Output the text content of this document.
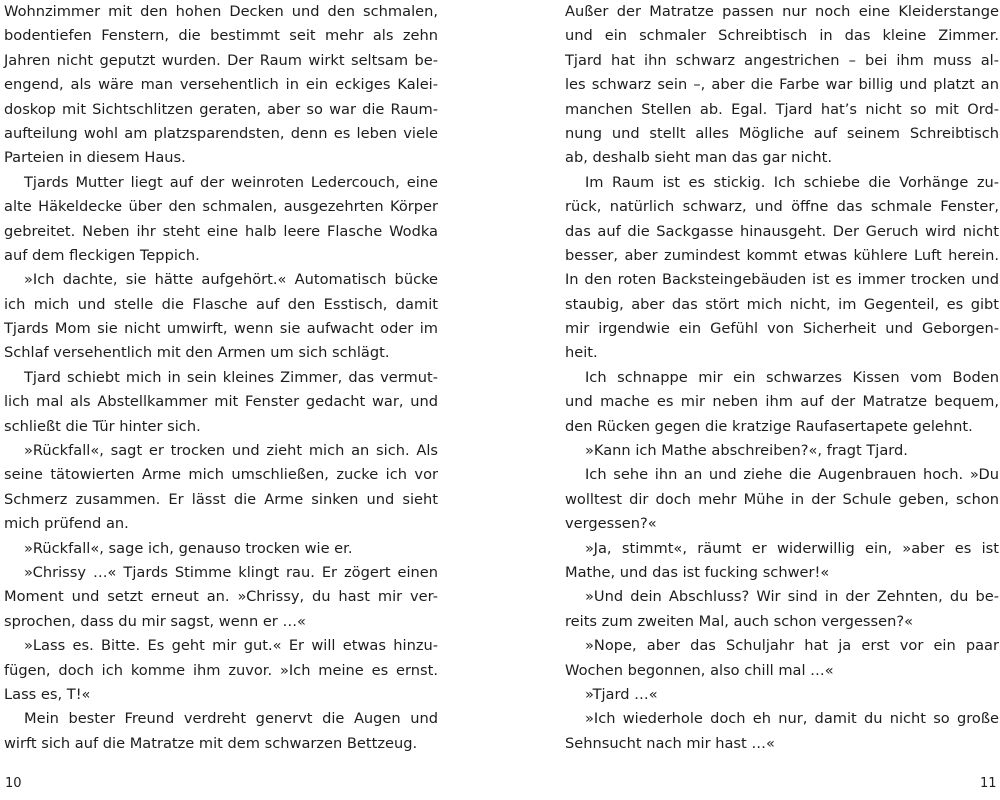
Wohnzimmer mit den hohen Decken und den schmalen,
bodentiefen Fenstern, die bestimmt seit mehr als zehn
Jahren nicht geputzt wurden. Der Raum wirkt seltsam be-
engend, als wäre man versehentlich in ein eckiges Kalei-
doskop mit Sichtschlitzen geraten, aber so war die Raum-
aufteilung wohl am platzsparendsten, denn es leben viele
Parteien in diesem Haus.
Tjards Mutter liegt auf der weinroten Ledercouch, eine
alte Häkeldecke über den schmalen, ausgezehrten Körper
gebreitet. Neben ihr steht eine halb leere Flasche Wodka
auf dem fleckigen Teppich.
»Ich dachte, sie hätte aufgehört.« Automatisch bücke
ich mich und stelle die Flasche auf den Esstisch, damit
Tjards Mom sie nicht umwirft, wenn sie aufwacht oder im
Schlaf versehentlich mit den Armen um sich schlägt.
Tjard schiebt mich in sein kleines Zimmer, das vermut-
lich mal als Abstellkammer mit Fenster gedacht war, und
schließt die Tür hinter sich.
»Rückfall«, sagt er trocken und zieht mich an sich. Als
seine tätowierten Arme mich umschließen, zucke ich vor
Schmerz zusammen. Er lässt die Arme sinken und sieht
mich prüfend an.
»Rückfall«, sage ich, genauso trocken wie er.
»Chrissy …« Tjards Stimme klingt rau. Er zögert einen
Moment und setzt erneut an. »Chrissy, du hast mir ver-
sprochen, dass du mir sagst, wenn er …«
»Lass es. Bitte. Es geht mir gut.« Er will etwas hinzu-
fügen, doch ich komme ihm zuvor. »Ich meine es ernst.
Lass es, T!«
Mein bester Freund verdreht genervt die Augen und
wirft sich auf die Matratze mit dem schwarzen Bettzeug.
Außer der Matratze passen nur noch eine Kleiderstange
und ein schmaler Schreibtisch in das kleine Zimmer.
Tjard hat ihn schwarz angestrichen – bei ihm muss al-
les schwarz sein –, aber die Farbe war billig und platzt an
manchen Stellen ab. Egal. Tjard hat’s nicht so mit Ord-
nung und stellt alles Mögliche auf seinem Schreibtisch
ab, deshalb sieht man das gar nicht.
Im Raum ist es stickig. Ich schiebe die Vorhänge zu-
rück, natürlich schwarz, und öffne das schmale Fenster,
das auf die Sackgasse hinausgeht. Der Geruch wird nicht
besser, aber zumindest kommt etwas kühlere Luft herein.
In den roten Backsteingebäuden ist es immer trocken und
staubig, aber das stört mich nicht, im Gegenteil, es gibt
mir irgendwie ein Gefühl von Sicherheit und Geborgen-
heit.
Ich schnappe mir ein schwarzes Kissen vom Boden
und mache es mir neben ihm auf der Matratze bequem,
den Rücken gegen die kratzige Raufasertapete gelehnt.
»Kann ich Mathe abschreiben?«, fragt Tjard.
Ich sehe ihn an und ziehe die Augenbrauen hoch. »Du
wolltest dir doch mehr Mühe in der Schule geben, schon
vergessen?«
»Ja, stimmt«, räumt er widerwillig ein, »aber es ist
Mathe, und das ist fucking schwer!«
»Und dein Abschluss? Wir sind in der Zehnten, du be-
reits zum zweiten Mal, auch schon vergessen?«
»Nope, aber das Schuljahr hat ja erst vor ein paar
Wochen begonnen, also chill mal …«
»Tjard …«
»Ich wiederhole doch eh nur, damit du nicht so große
Sehnsucht nach mir hast …«
10	11
